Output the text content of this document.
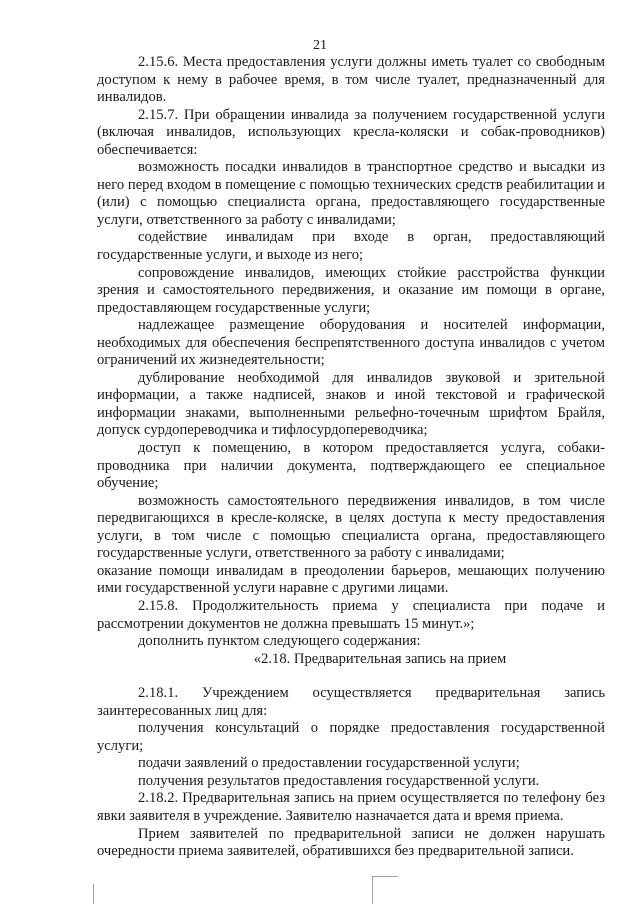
21

2.15.6. Места предоставления услуги должны иметь туалет со свободным доступом к нему в рабочее время, в том числе туалет, предназначенный для инвалидов.

2.15.7. При обращении инвалида за получением государственной услуги (включая инвалидов, использующих кресла-коляски и собак-проводников) обеспечивается:

возможность посадки инвалидов в транспортное средство и высадки из него перед входом в помещение с помощью технических средств реабилитации и (или) с помощью специалиста органа, предоставляющего государственные услуги, ответственного за работу с инвалидами;

содействие инвалидам при входе в орган, предоставляющий государственные услуги, и выходе из него;

сопровождение инвалидов, имеющих стойкие расстройства функции зрения и самостоятельного передвижения, и оказание им помощи в органе, предоставляющем государственные услуги;

надлежащее размещение оборудования и носителей информации, необходимых для обеспечения беспрепятственного доступа инвалидов с учетом ограничений их жизнедеятельности;

дублирование необходимой для инвалидов звуковой и зрительной информации, а также надписей, знаков и иной текстовой и графической информации знаками, выполненными рельефно-точечным шрифтом Брайля, допуск сурдопереводчика и тифлосурдопереводчика;

доступ к помещению, в котором предоставляется услуга, собаки-проводника при наличии документа, подтверждающего ее специальное обучение;

возможность самостоятельного передвижения инвалидов, в том числе передвигающихся в кресле-коляске, в целях доступа к месту предоставления услуги, в том числе с помощью специалиста органа, предоставляющего государственные услуги, ответственного за работу с инвалидами;

оказание помощи инвалидам в преодолении барьеров, мешающих получению ими государственной услуги наравне с другими лицами.

2.15.8. Продолжительность приема у специалиста при подаче и рассмотрении документов не должна превышать 15 минут.»;

дополнить пунктом следующего содержания:

«2.18. Предварительная запись на прием

2.18.1. Учреждением осуществляется предварительная запись заинтересованных лиц для:

получения консультаций о порядке предоставления государственной услуги;

подачи заявлений о предоставлении государственной услуги;

получения результатов предоставления государственной услуги.

2.18.2. Предварительная запись на прием осуществляется по телефону без явки заявителя в учреждение. Заявителю назначается дата и время приема.

Прием заявителей по предварительной записи не должен нарушать очередности приема заявителей, обратившихся без предварительной записи.
